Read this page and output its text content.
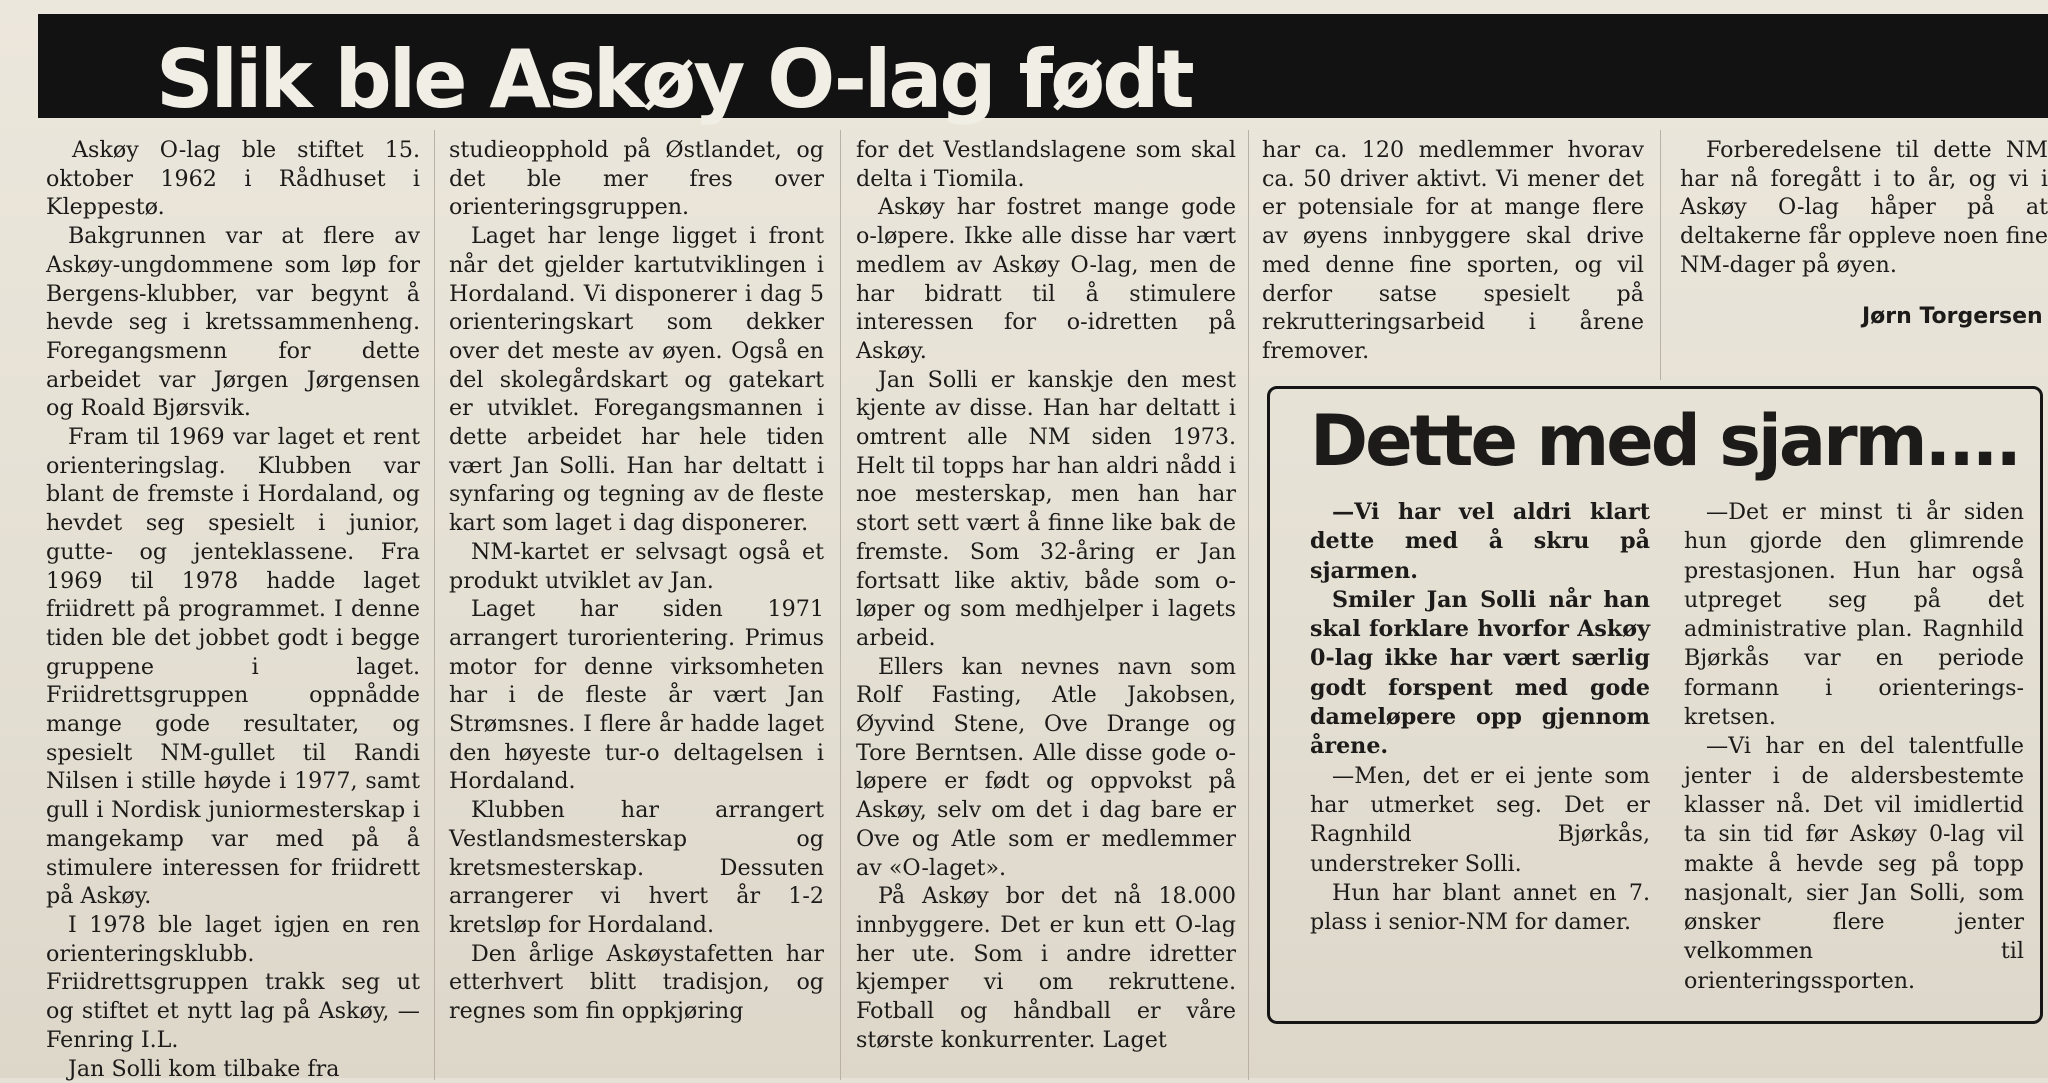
Slik ble Askøy O-lag født

Askøy O-lag ble stiftet 15. oktober 1962 i Rådhuset i Kleppestø.

Bakgrunnen var at flere av Askøy-ungdommene som løp for Bergens-klubber, var begynt å hevde seg i kretssammenheng. Foregangsmenn for dette arbeidet var Jørgen Jørgensen og Roald Bjørsvik.

Fram til 1969 var laget et rent orienteringslag. Klubben var blant de fremste i Hordaland, og hevdet seg spesielt i junior, gutte- og jenteklassene. Fra 1969 til 1978 hadde laget friidrett på programmet. I denne tiden ble det jobbet godt i begge gruppene i laget. Friidrettsgruppen oppnådde mange gode resultater, og spesielt NM-gullet til Randi Nilsen i stille høyde i 1977, samt gull i Nordisk juniormesterskap i mangekamp var med på å stimulere interessen for friidrett på Askøy.

I 1978 ble laget igjen en ren orienteringsklubb. Friidrettsgruppen trakk seg ut og stiftet et nytt lag på Askøy, — Fenring I.L.

Jan Solli kom tilbake fra

studieopphold på Østlandet, og det ble mer fres over orienteringsgruppen.

Laget har lenge ligget i front når det gjelder kartutviklingen i Hordaland. Vi disponerer i dag 5 orienteringskart som dekker over det meste av øyen. Også en del skolegårdskart og gatekart er utviklet. Foregangsmannen i dette arbeidet har hele tiden vært Jan Solli. Han har deltatt i synfaring og tegning av de fleste kart som laget i dag disponerer.

NM-kartet er selvsagt også et produkt utviklet av Jan.

Laget har siden 1971 arrangert turorientering. Primus motor for denne virksomheten har i de fleste år vært Jan Strømsnes. I flere år hadde laget den høyeste tur-o deltagelsen i Hordaland.

Klubben har arrangert Vestlandsmesterskap og kretsmesterskap. Dessuten arrangerer vi hvert år 1-2 kretsløp for Hordaland.

Den årlige Askøystafetten har etterhvert blitt tradisjon, og regnes som fin oppkjøring

for det Vestlandslagene som skal delta i Tiomila.

Askøy har fostret mange gode o-løpere. Ikke alle disse har vært medlem av Askøy O-lag, men de har bidratt til å stimulere interessen for o-idretten på Askøy.

Jan Solli er kanskje den mest kjente av disse. Han har deltatt i omtrent alle NM siden 1973. Helt til topps har han aldri nådd i noe mesterskap, men han har stort sett vært å finne like bak de fremste. Som 32-åring er Jan fortsatt like aktiv, både som o-løper og som medhjelper i lagets arbeid.

Ellers kan nevnes navn som Rolf Fasting, Atle Jakobsen, Øyvind Stene, Ove Drange og Tore Berntsen. Alle disse gode o-løpere er født og oppvokst på Askøy, selv om det i dag bare er Ove og Atle som er medlemmer av «O-laget».

På Askøy bor det nå 18.000 innbyggere. Det er kun ett O-lag her ute. Som i andre idretter kjemper vi om rekruttene. Fotball og håndball er våre største konkurrenter. Laget

har ca. 120 medlemmer hvorav ca. 50 driver aktivt. Vi mener det er potensiale for at mange flere av øyens innbyggere skal drive med denne fine sporten, og vil derfor satse spesielt på rekrutteringsarbeid i årene fremover.

Forberedelsene til dette NM har nå foregått i to år, og vi i Askøy O-lag håper på at deltakerne får oppleve noen fine NM-dager på øyen.

Jørn Torgersen
Dette med sjarm....

—Vi har vel aldri klart dette med å skru på sjarmen.

Smiler Jan Solli når han skal forklare hvorfor Askøy 0-lag ikke har vært særlig godt forspent med gode dameløpere opp gjennom årene.

—Men, det er ei jente som har utmerket seg. Det er Ragnhild Bjørkås, understreker Solli.

Hun har blant annet en 7. plass i senior-NM for damer.

—Det er minst ti år siden hun gjorde den glimrende prestasjonen. Hun har også utpreget seg på det administrative plan. Ragnhild Bjørkås var en periode formann i orienterings-kretsen.

—Vi har en del talentfulle jenter i de aldersbestemte klasser nå. Det vil imidlertid ta sin tid før Askøy 0-lag vil makte å hevde seg på topp nasjonalt, sier Jan Solli, som ønsker flere jenter velkommen til orienteringssporten.
